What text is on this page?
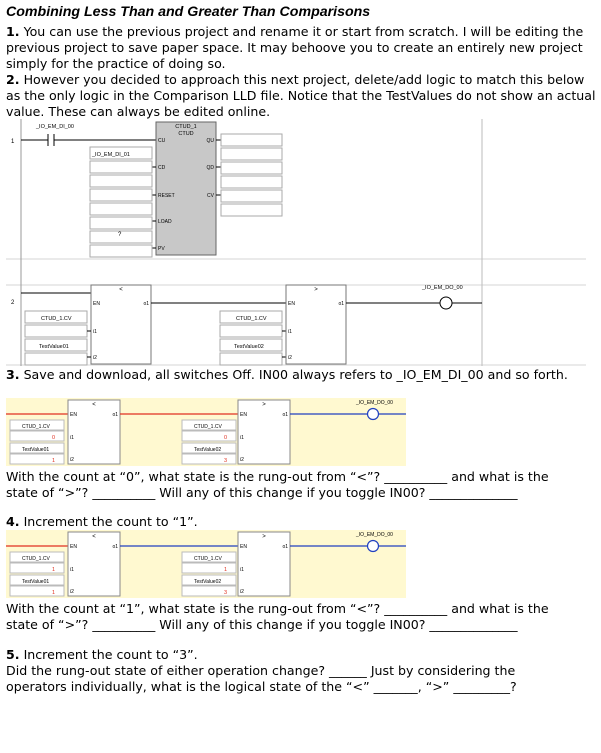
Combining Less Than and Greater Than Comparisons
1. You can use the previous project and rename it or start from scratch. I will be editing the previous project to save paper space. It may behoove you to create an entirely new project simply for the practice of doing so.
2. However you decided to approach this next project, delete/add logic to match this below as the only logic in the Comparison LLD file. Notice that the TestValues do not show an actual value. These can always be edited online.
1
2
_IO_EM_DI_00	CTUD_1
CTUD
CU
CD
RESET
LOAD
PV
QU
QD
CV
_IO_EM_DI_01
?
<
EN	o1
i1
i2
CTUD_1.CV
TestValue01
CTUD_1.CV
TestValue02
>
EN	o1
i1
i2
_IO_EM_DO_00
3. Save and download, all switches Off. IN00 always refers to _IO_EM_DI_00 and so forth.
<
EN	o1
i1
i2
CTUD_1.CV
0
TestValue01
1
CTUD_1.CV
0
TestValue02
3
>
EN	o1
i1
i2
_IO_EM_DO_00
With the count at “0”, what state is the rung-out from “<”? __________ and what is the
state of “>”? __________ Will any of this change if you toggle IN00? ______________
4. Increment the count to “1”.
<
EN	o1
i1
i2
CTUD_1.CV
1
TestValue01
1
CTUD_1.CV
1
TestValue02
3
>
EN	o1
i1
i2
_IO_EM_DO_00
With the count at “1”, what state is the rung-out from “<”? __________ and what is the
state of “>”? __________ Will any of this change if you toggle IN00? ______________
5. Increment the count to “3”.
Did the rung-out state of either operation change? ______ Just by considering the
operators individually, what is the logical state of the “<” _______, “>” _________?
